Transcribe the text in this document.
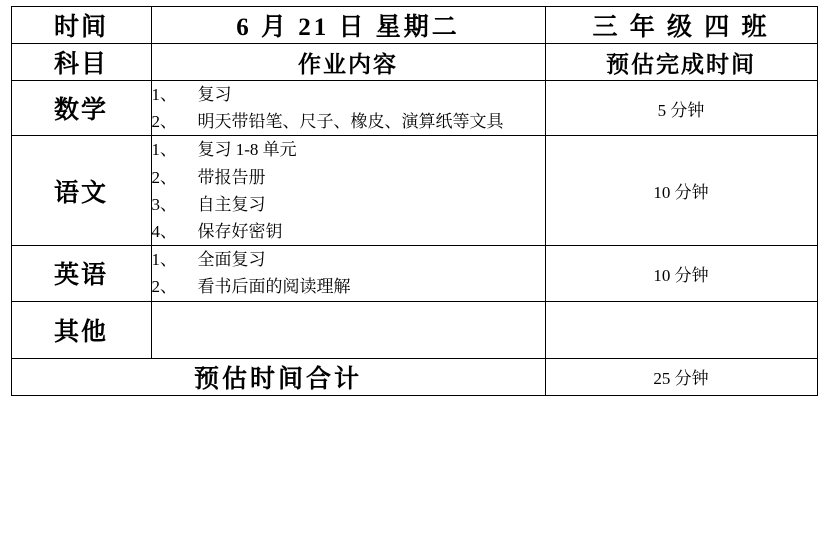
时间	6 月 21 日 星期二	三 年 级 四 班
科目	作业内容	预估完成时间
数学	1、 复习
2、 明天带铅笔、尺子、橡皮、演算纸等文具	5 分钟
语文	1、 复习 1-8 单元
2、 带报告册
3、 自主复习
4、 保存好密钥	10 分钟
英语	1、 全面复习
2、 看书后面的阅读理解	10 分钟
其他		
预估时间合计		25 分钟
